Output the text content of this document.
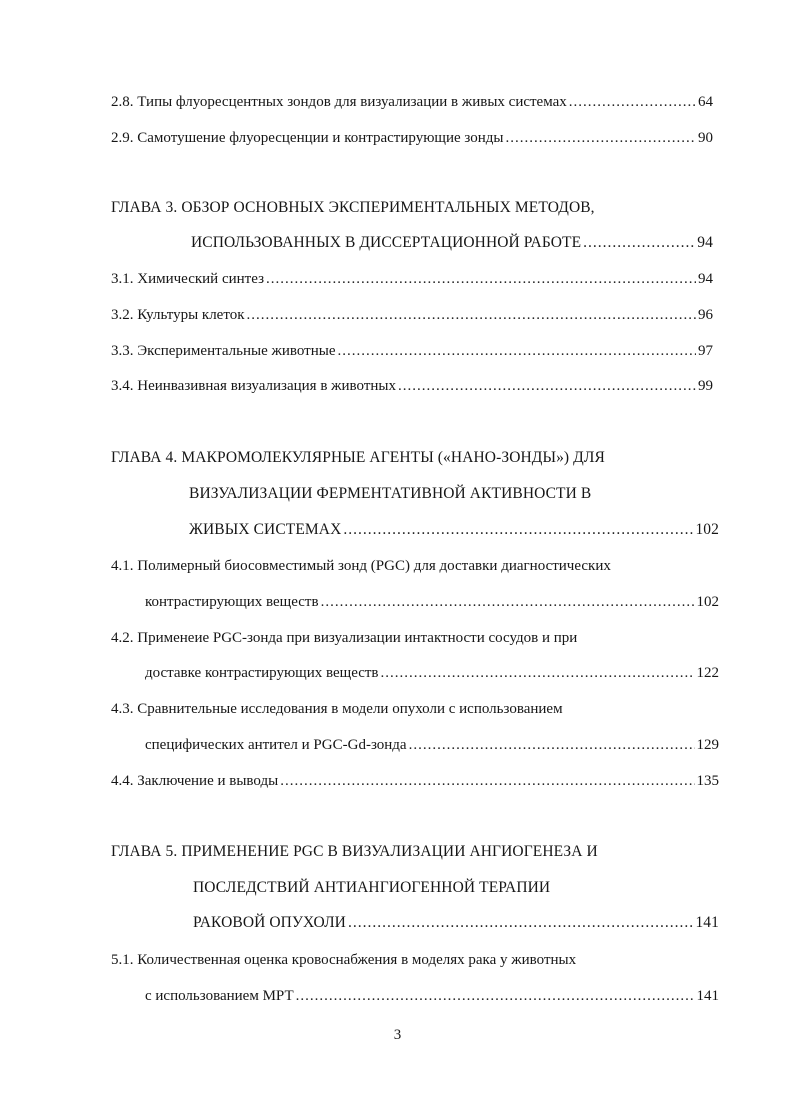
2.8. Типы флуоресцентных зондов для визуализации в живых системах .....	64
2.9. Самотушение флуоресценции и контрастирующие зонды .....	90
ГЛАВА 3. ОБЗОР ОСНОВНЫХ ЭКСПЕРИМЕНТАЛЬНЫХ МЕТОДОВ,
ИСПОЛЬЗОВАННЫХ В ДИССЕРТАЦИОННОЙ РАБОТЕ .....	94
3.1. Химический синтез .....	94
3.2. Культуры клеток .....	96
3.3. Экспериментальные животные .....	97
3.4. Неинвазивная визуализация в животных .....	99
ГЛАВА 4. МАКРОМОЛЕКУЛЯРНЫЕ АГЕНТЫ («НАНО-ЗОНДЫ») ДЛЯ
ВИЗУАЛИЗАЦИИ ФЕРМЕНТАТИВНОЙ АКТИВНОСТИ В
ЖИВЫХ СИСТЕМАХ .....	102
4.1. Полимерный биосовместимый зонд (PGC) для доставки диагностических
контрастирующих веществ .....	102
4.2. Применеие PGC-зонда при визуализации интактности сосудов и при
доставке контрастирующих веществ .....	122
4.3. Сравнительные исследования в модели опухоли с использованием
специфических антител и PGC-Gd-зонда .....	129
4.4. Заключение и выводы .....	135
ГЛАВА 5. ПРИМЕНЕНИЕ PGC В ВИЗУАЛИЗАЦИИ АНГИОГЕНЕЗА И
ПОСЛЕДСТВИЙ АНТИАНГИОГЕННОЙ ТЕРАПИИ
РАКОВОЙ ОПУХОЛИ .....	141
5.1. Количественная оценка кровоснабжения в моделях рака у животных
с использованием МРТ .....	141
3
